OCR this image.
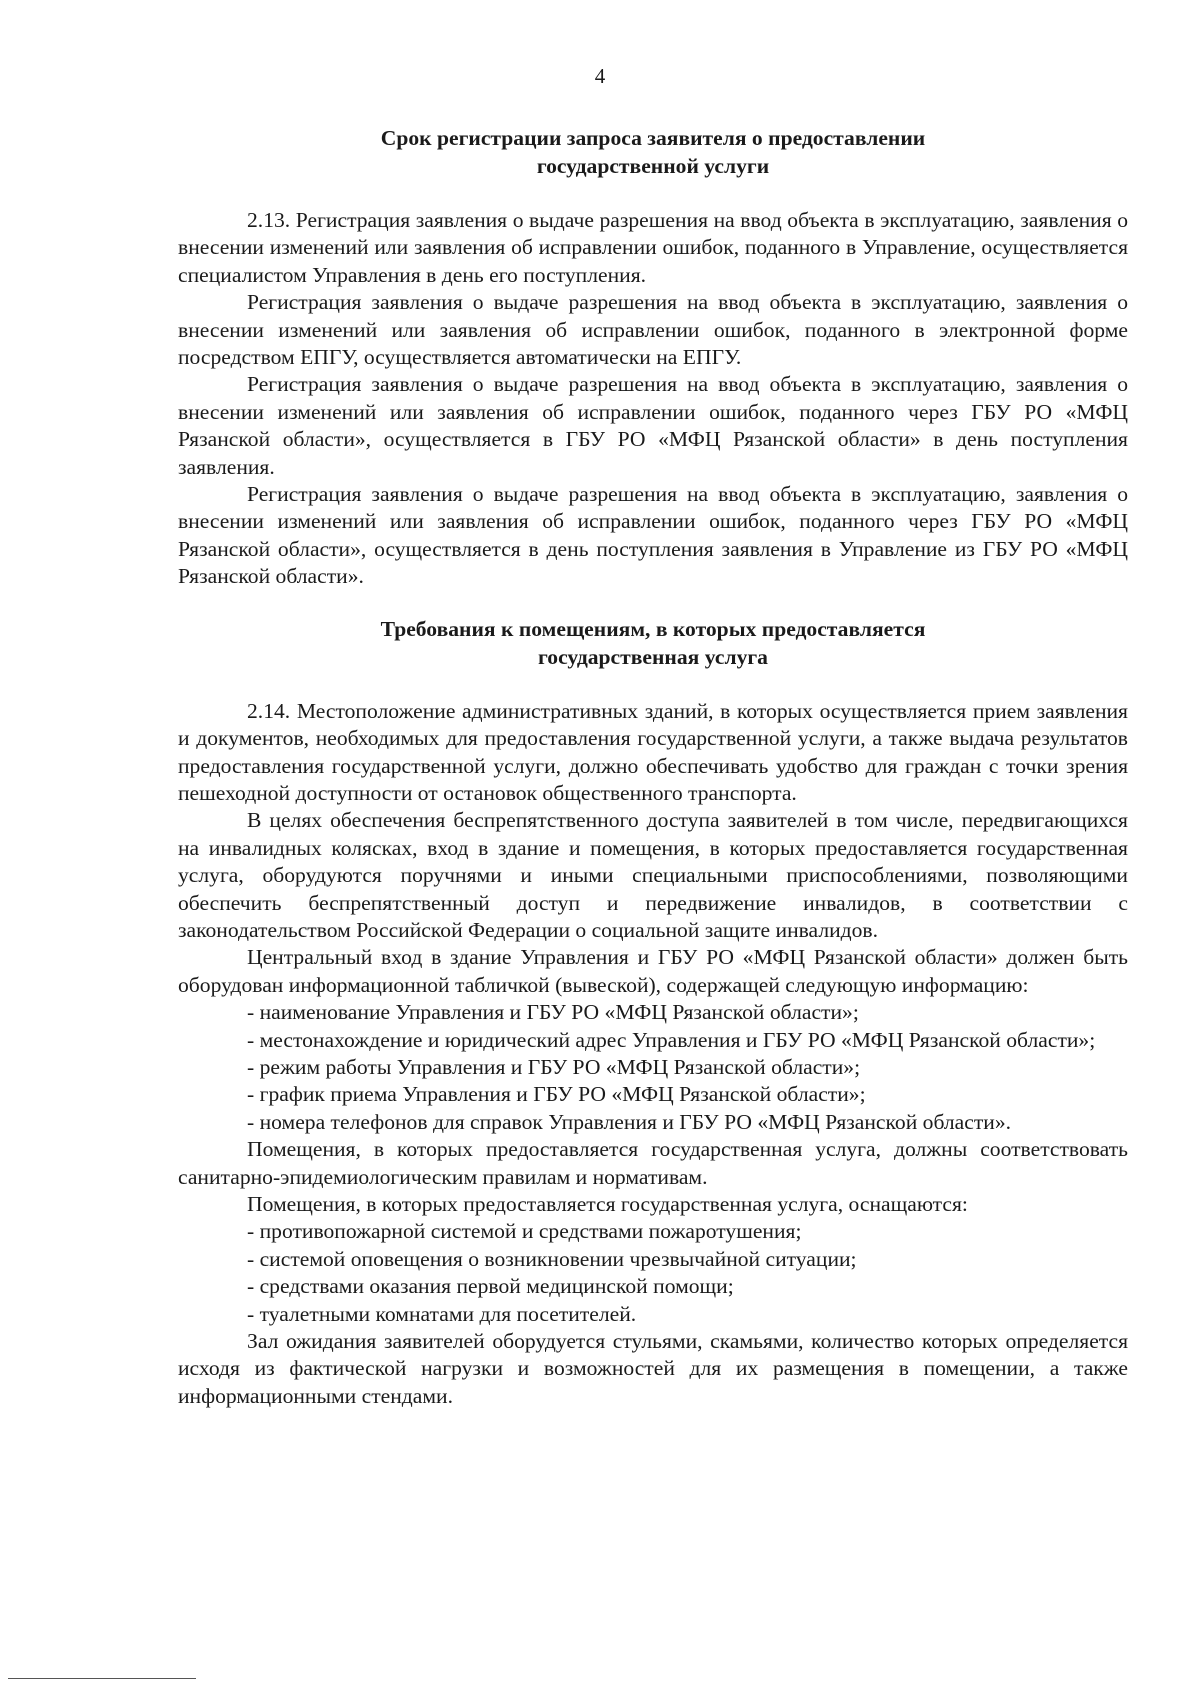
4
Срок регистрации запроса заявителя о предоставлении
государственной услуги

2.13. Регистрация заявления о выдаче разрешения на ввод объекта в эксплуатацию, заявления о внесении изменений или заявления об исправлении ошибок, поданного в Управление, осуществляется специалистом Управления в день его поступления.

Регистрация заявления о выдаче разрешения на ввод объекта в эксплуатацию, заявления о внесении изменений или заявления об исправлении ошибок, поданного в электронной форме посредством ЕПГУ, осуществляется автоматически на ЕПГУ.

Регистрация заявления о выдаче разрешения на ввод объекта в эксплуатацию, заявления о внесении изменений или заявления об исправлении ошибок, поданного через ГБУ РО «МФЦ Рязанской области», осуществляется в ГБУ РО «МФЦ Рязанской области» в день поступления заявления.

Регистрация заявления о выдаче разрешения на ввод объекта в эксплуатацию, заявления о внесении изменений или заявления об исправлении ошибок, поданного через ГБУ РО «МФЦ Рязанской области», осуществляется в день поступления заявления в Управление из ГБУ РО «МФЦ Рязанской области».

Требования к помещениям, в которых предоставляется
государственная услуга

2.14. Местоположение административных зданий, в которых осуществляется прием заявления и документов, необходимых для предоставления государственной услуги, а также выдача результатов предоставления государственной услуги, должно обеспечивать удобство для граждан с точки зрения пешеходной доступности от остановок общественного транспорта.

В целях обеспечения беспрепятственного доступа заявителей в том числе, передвигающихся на инвалидных колясках, вход в здание и помещения, в которых предоставляется государственная услуга, оборудуются поручнями и иными специальными приспособлениями, позволяющими обеспечить беспрепятственный доступ и передвижение инвалидов, в соответствии с законодательством Российской Федерации о социальной защите инвалидов.

Центральный вход в здание Управления и ГБУ РО «МФЦ Рязанской области» должен быть оборудован информационной табличкой (вывеской), содержащей следующую информацию:

- наименование Управления и ГБУ РО «МФЦ Рязанской области»;

- местонахождение и юридический адрес Управления и ГБУ РО «МФЦ Рязанской области»;

- режим работы Управления и ГБУ РО «МФЦ Рязанской области»;

- график приема Управления и ГБУ РО «МФЦ Рязанской области»;

- номера телефонов для справок Управления и ГБУ РО «МФЦ Рязанской области».

Помещения, в которых предоставляется государственная услуга, должны соответствовать санитарно-эпидемиологическим правилам и нормативам.

Помещения, в которых предоставляется государственная услуга, оснащаются:

- противопожарной системой и средствами пожаротушения;

- системой оповещения о возникновении чрезвычайной ситуации;

- средствами оказания первой медицинской помощи;

- туалетными комнатами для посетителей.

Зал ожидания заявителей оборудуется стульями, скамьями, количество которых определяется исходя из фактической нагрузки и возможностей для их размещения в помещении, а также информационными стендами.
